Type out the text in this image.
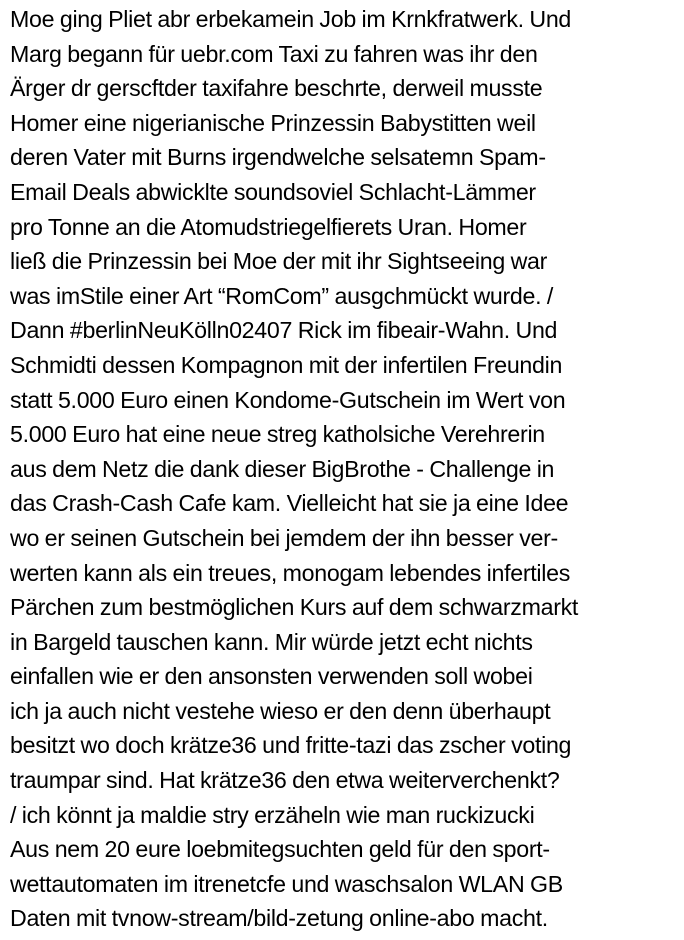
Moe ging Pliet abr erbekamein Job im Krnkfratwerk. Und
Marg begann für uebr.com Taxi zu fahren was ihr den
Ärger dr gerscftder taxifahre beschrte, derweil musste
Homer eine nigerianische Prinzessin Babystitten weil
deren Vater mit Burns irgendwelche selsatemn Spam-
Email Deals abwicklte soundsoviel Schlacht-Lämmer
pro Tonne an die Atomudstriegelfierets Uran. Homer
ließ die Prinzessin bei Moe der mit ihr Sightseeing war
was imStile einer Art “RomCom” ausgchmückt wurde. /
Dann #berlinNeuKölln02407 Rick im fibeair-Wahn. Und
Schmidti dessen Kompagnon mit der infertilen Freundin
statt 5.000 Euro einen Kondome-Gutschein im Wert von
5.000 Euro hat eine neue streg katholsiche Verehrerin
aus dem Netz die dank dieser BigBrothe - Challenge in
das Crash-Cash Cafe kam. Vielleicht hat sie ja eine Idee
wo er seinen Gutschein bei jemdem der ihn besser ver-
werten kann als ein treues, monogam lebendes infertiles
Pärchen zum bestmöglichen Kurs auf dem schwarzmarkt
in Bargeld tauschen kann. Mir würde jetzt echt nichts
einfallen wie er den ansonsten verwenden soll wobei
ich ja auch nicht vestehe wieso er den denn überhaupt
besitzt wo doch krätze36 und fritte-tazi das zscher voting
traumpar sind. Hat krätze36 den etwa weiterverchenkt?
/ ich könnt ja maldie stry erzäheln wie man ruckizucki
Aus nem 20 eure loebmitegsuchten geld für den sport-
wettautomaten im itrenetcfe und waschsalon WLAN GB
Daten mit tvnow-stream/bild-zetung online-abo macht.
